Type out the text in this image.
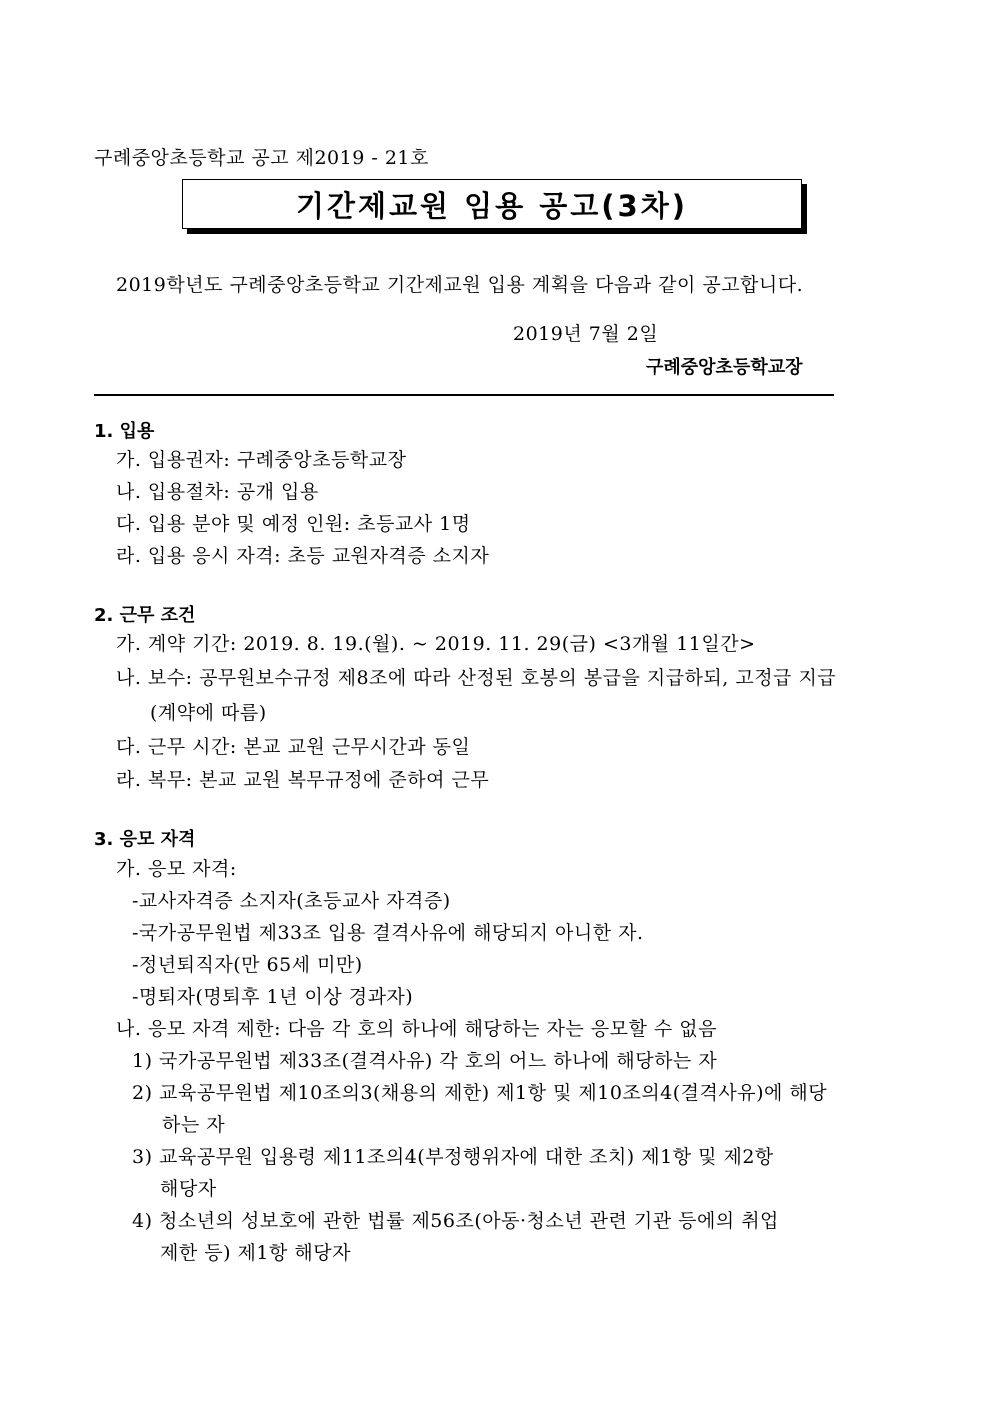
구례중앙초등학교 공고 제2019 - 21호
기간제교원 임용 공고(3차)
2019학년도 구례중앙초등학교 기간제교원 입용 계획을 다음과 같이 공고합니다.
2019년 7월 2일
구례중앙초등학교장
1. 입용
가. 입용권자: 구례중앙초등학교장
나. 입용절차: 공개 입용
다. 입용 분야 및 예정 인원: 초등교사 1명
라. 입용 응시 자격: 초등 교원자격증 소지자
2. 근무 조건
가. 계약 기간: 2019. 8. 19.(월). ~ 2019. 11. 29(금) <3개월 11일간>
나. 보수: 공무원보수규정 제8조에 따라 산정된 호봉의 봉급을 지급하되, 고정급 지급
(계약에 따름)
다. 근무 시간: 본교 교원 근무시간과 동일
라. 복무: 본교 교원 복무규정에 준하여 근무
3. 응모 자격
가. 응모 자격:
-교사자격증 소지자(초등교사 자격증)
-국가공무원법 제33조 입용 결격사유에 해당되지 아니한 자.
-정년퇴직자(만 65세 미만)
-명퇴자(명퇴후 1년 이상 경과자)
나. 응모 자격 제한: 다음 각 호의 하나에 해당하는 자는 응모할 수 없음
1) 국가공무원법 제33조(결격사유) 각 호의 어느 하나에 해당하는 자
2) 교육공무원법 제10조의3(채용의 제한) 제1항 및 제10조의4(결격사유)에 해당
하는 자
3) 교육공무원 입용령 제11조의4(부정행위자에 대한 조치) 제1항 및 제2항
해당자
4) 청소년의 성보호에 관한 법률 제56조(아동·청소년 관련 기관 등에의 취업
제한 등) 제1항 해당자
